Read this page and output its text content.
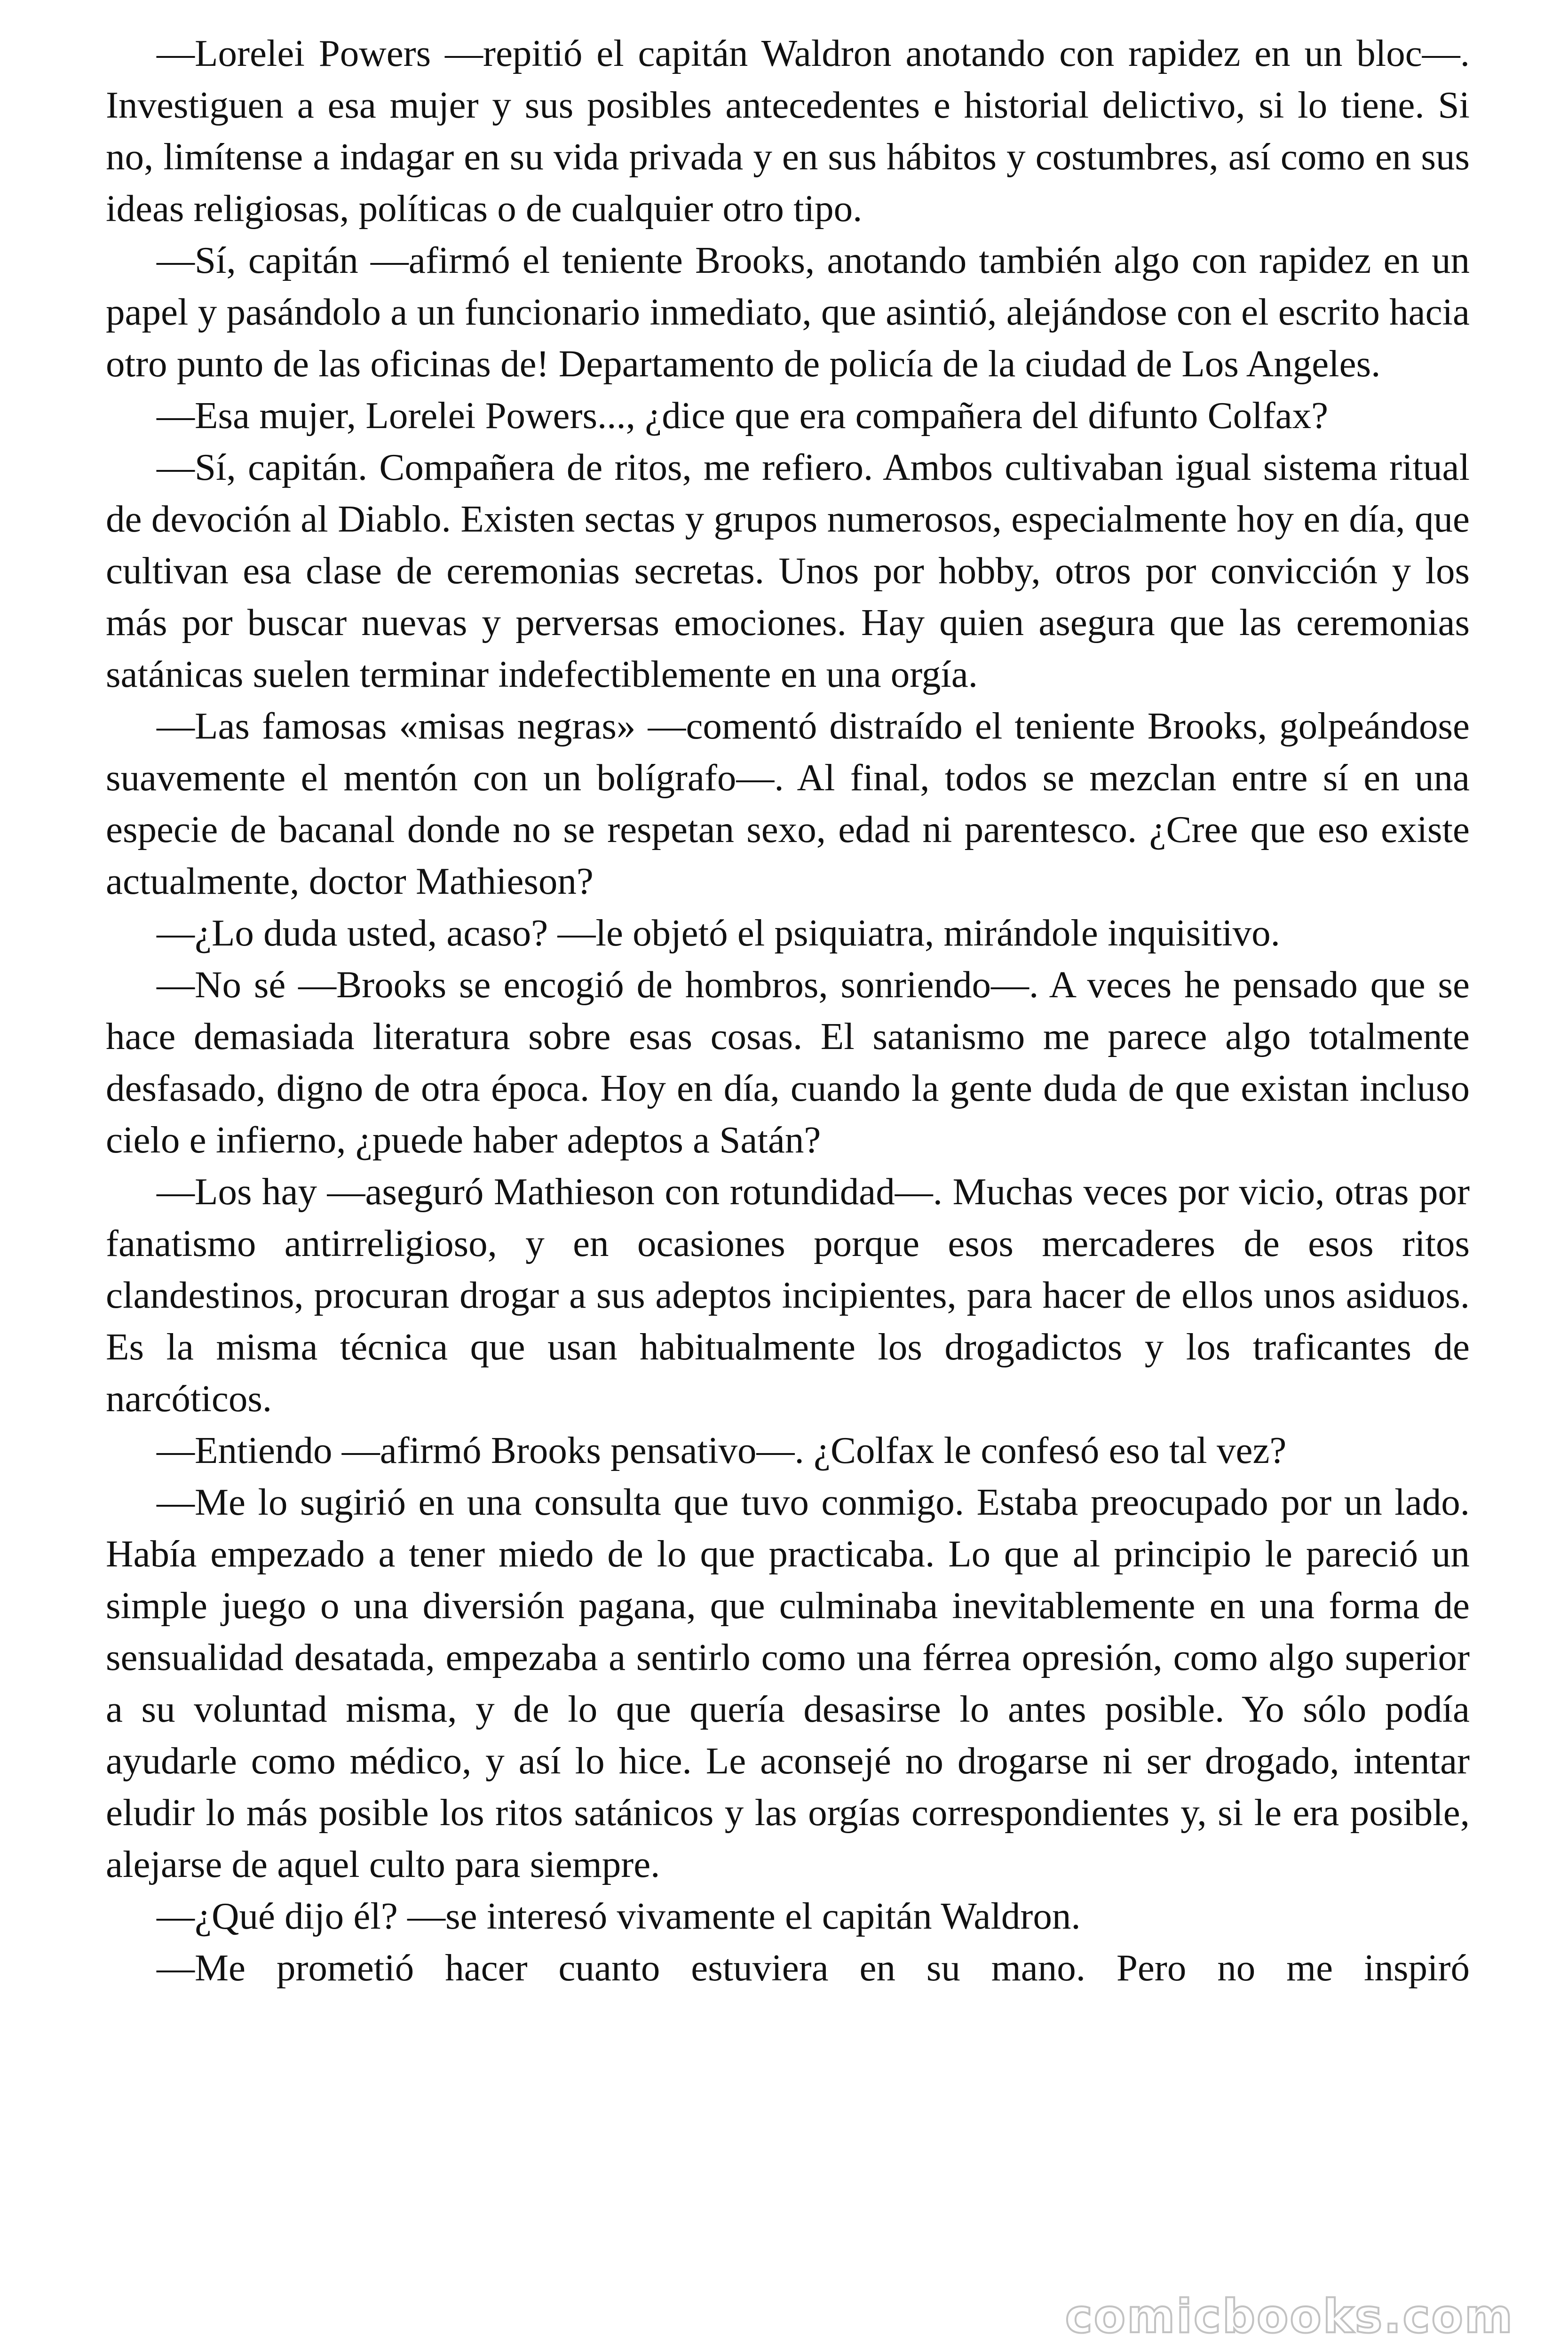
—Lorelei Powers —repitió el capitán Waldron anotando con rapidez en un bloc—. Investiguen a esa mujer y sus posibles antecedentes e historial delictivo, si lo tiene. Si no, limítense a indagar en su vida privada y en sus hábitos y costumbres, así como en sus ideas religiosas, políticas o de cualquier otro tipo.

—Sí, capitán —afirmó el teniente Brooks, anotando también algo con rapidez en un papel y pasándolo a un funcionario inmediato, que asintió, alejándose con el escrito hacia otro punto de las oficinas de! Departamento de policía de la ciudad de Los Angeles.

—Esa mujer, Lorelei Powers..., ¿dice que era compañera del difunto Colfax?

—Sí, capitán. Compañera de ritos, me refiero. Ambos cultivaban igual sistema ritual de devoción al Diablo. Existen sectas y grupos numerosos, especialmente hoy en día, que cultivan esa clase de ceremonias secretas. Unos por hobby, otros por convicción y los más por buscar nuevas y perversas emociones. Hay quien asegura que las ceremonias satánicas suelen terminar indefectiblemente en una orgía.

—Las famosas «misas negras» —comentó distraído el teniente Brooks, golpeándose suavemente el mentón con un bolígrafo—. Al final, todos se mezclan entre sí en una especie de bacanal donde no se respetan sexo, edad ni parentesco. ¿Cree que eso existe actualmente, doctor Mathieson?

—¿Lo duda usted, acaso? —le objetó el psiquiatra, mirándole inquisitivo.

—No sé —Brooks se encogió de hombros, sonriendo—. A veces he pensado que se hace demasiada literatura sobre esas cosas. El satanismo me parece algo totalmente desfasado, digno de otra época. Hoy en día, cuando la gente duda de que existan incluso cielo e infierno, ¿puede haber adeptos a Satán?

—Los hay —aseguró Mathieson con rotundidad—. Muchas veces por vicio, otras por fanatismo antirreligioso, y en ocasiones porque esos mercaderes de esos ritos clandestinos, procuran drogar a sus adeptos incipientes, para hacer de ellos unos asiduos. Es la misma técnica que usan habitualmente los drogadictos y los traficantes de narcóticos.

—Entiendo —afirmó Brooks pensativo—. ¿Colfax le confesó eso tal vez?

—Me lo sugirió en una consulta que tuvo conmigo. Estaba preocupado por un lado. Había empezado a tener miedo de lo que practicaba. Lo que al principio le pareció un simple juego o una diversión pagana, que culminaba inevitablemente en una forma de sensualidad desatada, empezaba a sentirlo como una férrea opresión, como algo superior a su voluntad misma, y de lo que quería desasirse lo antes posible. Yo sólo podía ayudarle como médico, y así lo hice. Le aconsejé no drogarse ni ser drogado, intentar eludir lo más posible los ritos satánicos y las orgías correspondientes y, si le era posible, alejarse de aquel culto para siempre.

—¿Qué dijo él? —se interesó vivamente el capitán Waldron.

—Me prometió hacer cuanto estuviera en su mano. Pero no me inspiró

comicbooks.com
